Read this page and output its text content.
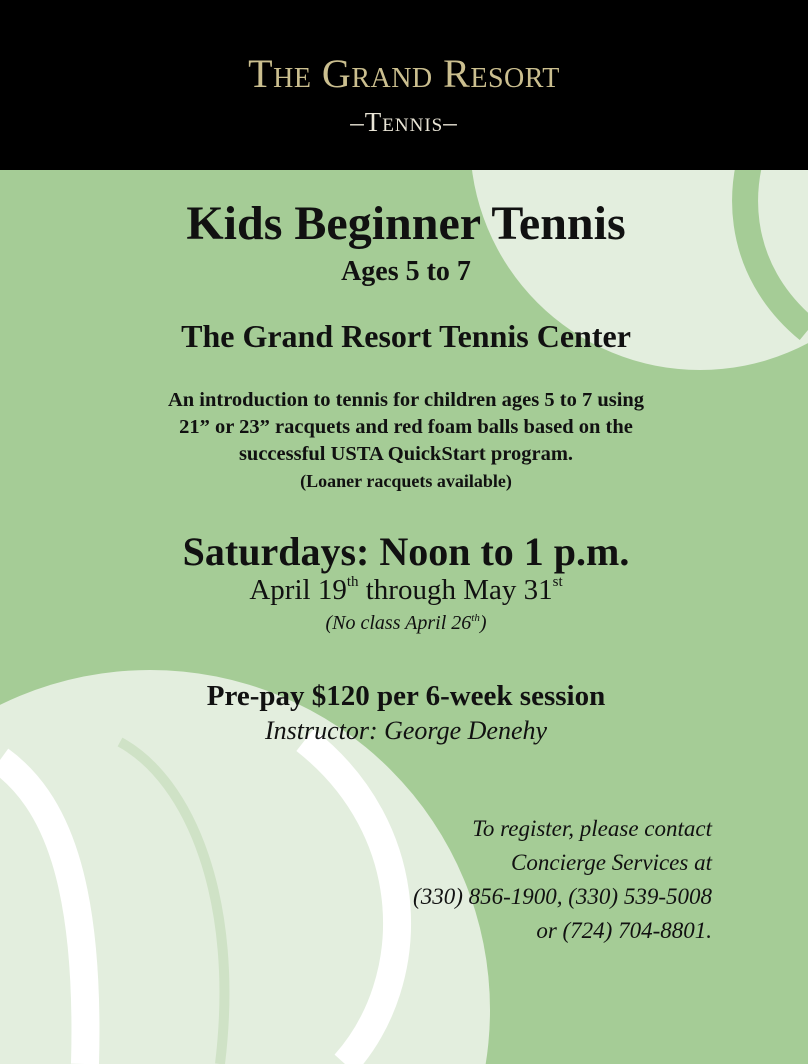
The Grand Resort
–Tennis–
Kids Beginner Tennis
Ages 5 to 7
The Grand Resort Tennis Center
An introduction to tennis for children ages 5 to 7 using
21” or 23” racquets and red foam balls based on the
successful USTA QuickStart program.
(Loaner racquets available)
Saturdays: Noon to 1 p.m.
April 19th through May 31st
(No class April 26th)
Pre-pay $120 per 6-week session
Instructor: George Denehy
To register, please contact
Concierge Services at
(330) 856-1900, (330) 539-5008
or (724) 704-8801.
